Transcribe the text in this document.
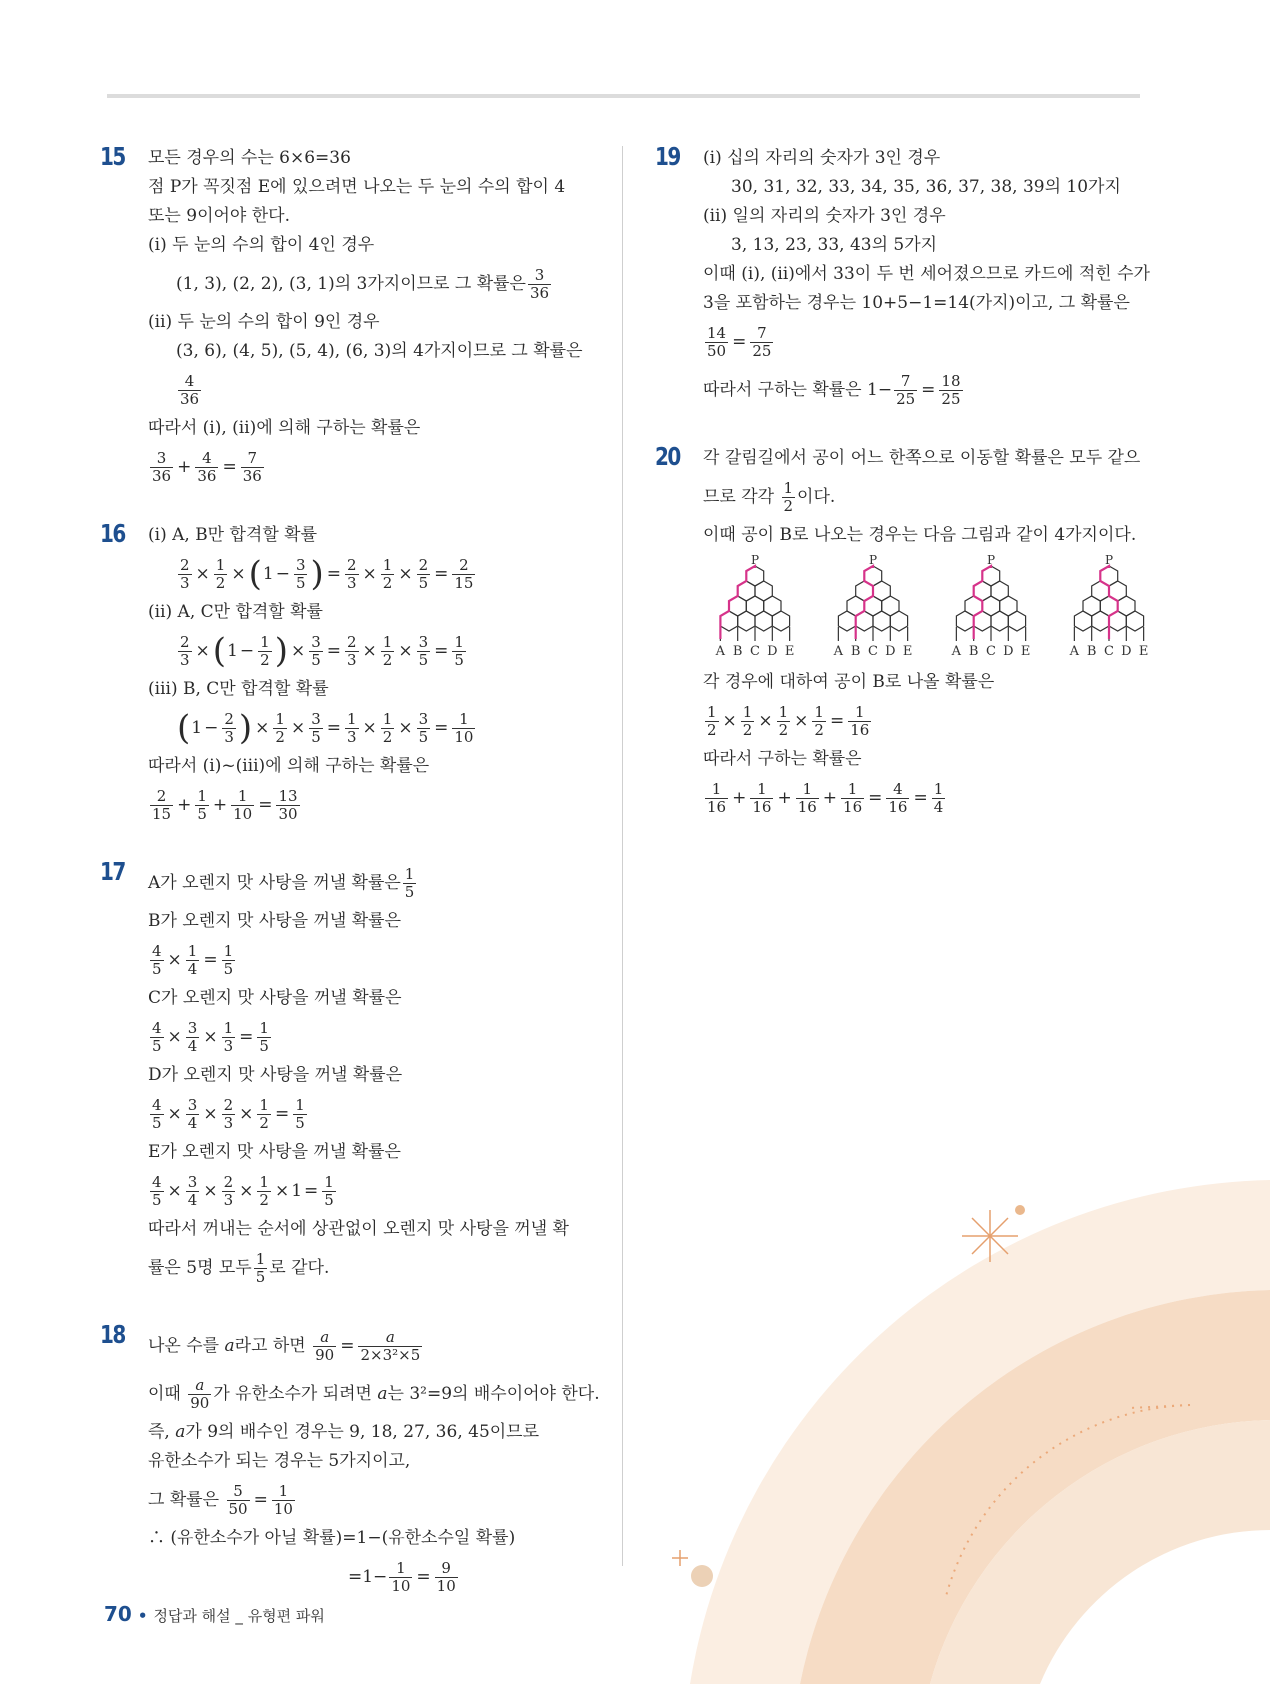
15 모든 경우의 수는 6×6=36
점 P가 꼭짓점 E에 있으려면 나오는 두 눈의 수의 합이 4
또는 9이어야 한다.
(ⅰ) 두 눈의 수의 합이 4인 경우
(1, 3), (2, 2), (3, 1)의 3가지이므로 그 확률은 $\frac{3}{36}$
(ⅱ) 두 눈의 수의 합이 9인 경우
(3, 6), (4, 5), (5, 4), (6, 3)의 4가지이므로 그 확률은
$\frac{4}{36}$
따라서 (ⅰ), (ⅱ)에 의해 구하는 확률은
$\frac{3}{36} + \frac{4}{36} = \frac{7}{36}$
16 (ⅰ) A, B만 합격할 확률
$\frac{2}{3} \times \frac{1}{2}$ × ( $1 - \frac{3}{5}$ ) = $\frac{2}{3} \times \frac{1}{2} \times \frac{2}{5} = \frac{2}{15}$
(ⅱ) A, C만 합격할 확률
$\frac{2}{3}$ × ( $1 - \frac{1}{2}$ ) × $\frac{3}{5} = \frac{2}{3} \times \frac{1}{2} \times \frac{3}{5} = \frac{1}{5}$
(ⅲ) B, C만 합격할 확률
( $1 - \frac{2}{3}$ ) × $\frac{1}{2} \times \frac{3}{5} = \frac{1}{3} \times \frac{1}{2} \times \frac{3}{5} = \frac{1}{10}$
따라서 (ⅰ)~(ⅲ)에 의해 구하는 확률은
$\frac{2}{15} + \frac{1}{5} + \frac{1}{10} = \frac{13}{30}$
17 A가 오렌지 맛 사탕을 꺼낼 확률은 $\frac{1}{5}$
B가 오렌지 맛 사탕을 꺼낼 확률은
$\frac{4}{5} \times \frac{1}{4} = \frac{1}{5}$
C가 오렌지 맛 사탕을 꺼낼 확률은
$\frac{4}{5} \times \frac{3}{4} \times \frac{1}{3} = \frac{1}{5}$
D가 오렌지 맛 사탕을 꺼낼 확률은
$\frac{4}{5} \times \frac{3}{4} \times \frac{2}{3} \times \frac{1}{2} = \frac{1}{5}$
E가 오렌지 맛 사탕을 꺼낼 확률은
$\frac{4}{5} \times \frac{3}{4} \times \frac{2}{3} \times \frac{1}{2} \times 1 = \frac{1}{5}$
따라서 꺼내는 순서에 상관없이 오렌지 맛 사탕을 꺼낼 확
률은 5명 모두 $\frac{1}{5}$ 로 같다.
18 나온 수를
a 라고 하면
$\frac{a}{90} = \frac{a}{\text{2×3²×5}}$
이때
$\frac{a}{90}$ 가 유한소수가 되려면
a 는 3²=9의 배수이어야 한다.
즉, a가 9의 배수인 경우는 9, 18, 27, 36, 45이므로
유한소수가 되는 경우는 5가지이고,
그 확률은
$\frac{5}{50} = \frac{1}{10}$
∴ (유한소수가 아닐 확률)=1−(유한소수일 확률)
$=1- \frac{1}{10} = \frac{9}{10}$
19 (ⅰ) 십의 자리의 숫자가 3인 경우
30, 31, 32, 33, 34, 35, 36, 37, 38, 39의 10가지
(ⅱ) 일의 자리의 숫자가 3인 경우
3, 13, 23, 33, 43의 5가지
이때 (ⅰ), (ⅱ)에서 33이 두 번 세어졌으므로 카드에 적힌 수가
3을 포함하는 경우는 10+5−1=14(가지)이고, 그 확률은
$\frac{14}{50} = \frac{7}{25}$
따라서 구하는 확률은 $1- \frac{7}{25} = \frac{18}{25}$
20 각 갈림길에서 공이 어느 한쪽으로 이동할 확률은 모두 같으
므로 각각
$\frac{1}{2}$ 이다.
이때 공이 B로 나오는 경우는 다음 그림과 같이 4가지이다.
P
A B C D E
P
A B C D E
P
A B C D E
P
A B C D E
각 경우에 대하여 공이 B로 나올 확률은
$\frac{1}{2} \times \frac{1}{2} \times \frac{1}{2} \times \frac{1}{2} = \frac{1}{16}$
따라서 구하는 확률은
$\frac{1}{16} + \frac{1}{16} + \frac{1}{16} + \frac{1}{16} = \frac{4}{16} = \frac{1}{4}$
70 • 정답과 해설 _ 유형편 파워
